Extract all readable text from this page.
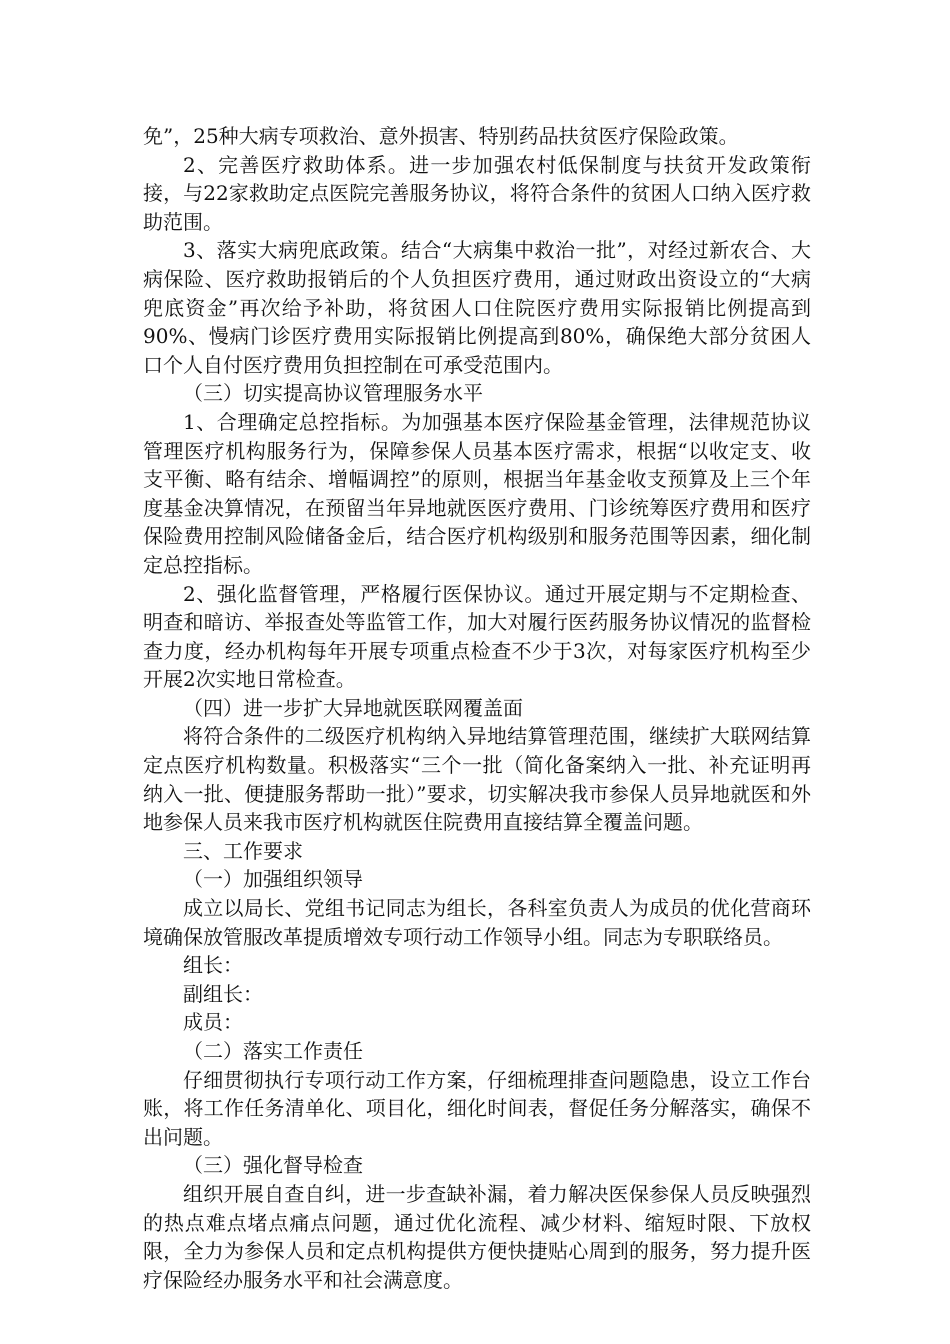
免”，25种大病专项救治、意外损害、特别药品扶贫医疗保险政策。

2、完善医疗救助体系。进一步加强农村低保制度与扶贫开发政策衔接，与22家救助定点医院完善服务协议，将符合条件的贫困人口纳入医疗救助范围。

3、落实大病兜底政策。结合“大病集中救治一批”，对经过新农合、大病保险、医疗救助报销后的个人负担医疗费用，通过财政出资设立的“大病兜底资金”再次给予补助，将贫困人口住院医疗费用实际报销比例提高到90%、慢病门诊医疗费用实际报销比例提高到80%，确保绝大部分贫困人口个人自付医疗费用负担控制在可承受范围内。

（三）切实提高协议管理服务水平

1、合理确定总控指标。为加强基本医疗保险基金管理，法律规范协议管理医疗机构服务行为，保障参保人员基本医疗需求，根据“以收定支、收支平衡、略有结余、增幅调控”的原则，根据当年基金收支预算及上三个年度基金决算情况，在预留当年异地就医医疗费用、门诊统筹医疗费用和医疗保险费用控制风险储备金后，结合医疗机构级别和服务范围等因素，细化制定总控指标。

2、强化监督管理，严格履行医保协议。通过开展定期与不定期检查、明查和暗访、举报查处等监管工作，加大对履行医药服务协议情况的监督检查力度，经办机构每年开展专项重点检查不少于3次，对每家医疗机构至少开展2次实地日常检查。

（四）进一步扩大异地就医联网覆盖面

将符合条件的二级医疗机构纳入异地结算管理范围，继续扩大联网结算定点医疗机构数量。积极落实“三个一批（简化备案纳入一批、补充证明再纳入一批、便捷服务帮助一批）”要求，切实解决我市参保人员异地就医和外地参保人员来我市医疗机构就医住院费用直接结算全覆盖问题。

三、工作要求

（一）加强组织领导

成立以局长、党组书记同志为组长，各科室负责人为成员的优化营商环境确保放管服改革提质增效专项行动工作领导小组。同志为专职联络员。

组长：

副组长：

成员：

（二）落实工作责任

仔细贯彻执行专项行动工作方案，仔细梳理排查问题隐患，设立工作台账，将工作任务清单化、项目化，细化时间表，督促任务分解落实，确保不出问题。

（三）强化督导检查

组织开展自查自纠，进一步查缺补漏，着力解决医保参保人员反映强烈的热点难点堵点痛点问题，通过优化流程、减少材料、缩短时限、下放权限，全力为参保人员和定点机构提供方便快捷贴心周到的服务，努力提升医疗保险经办服务水平和社会满意度。
